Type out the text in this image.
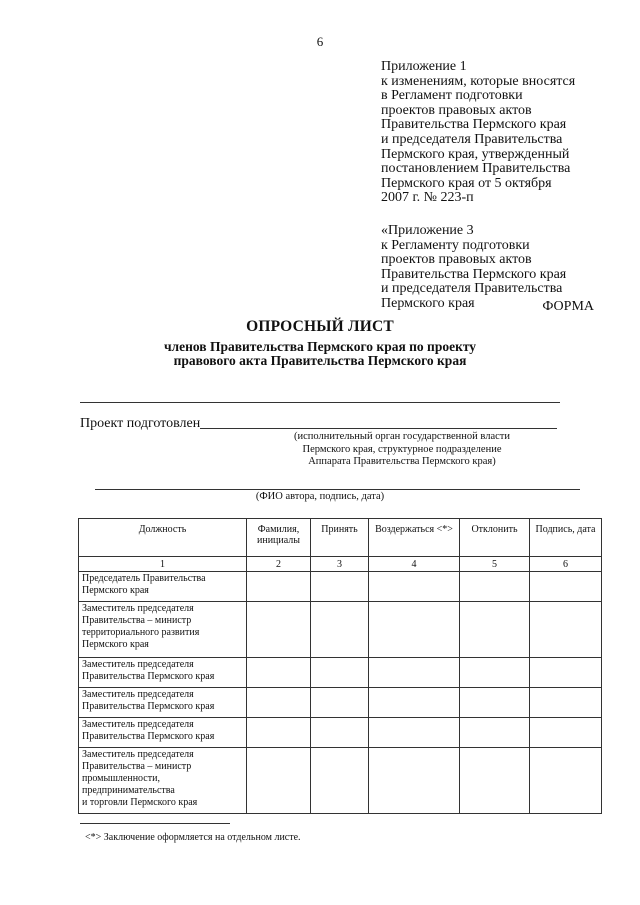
6
Приложение 1
к изменениям, которые вносятся
в Регламент подготовки
проектов правовых актов
Правительства Пермского края
и председателя Правительства
Пермского края, утвержденный
постановлением Правительства
Пермского края от 5 октября
2007 г. № 223-п
«Приложение 3
к Регламенту подготовки
проектов правовых актов
Правительства Пермского края
и председателя Правительства
Пермского края	ФОРМА
ОПРОСНЫЙ ЛИСТ
членов Правительства Пермского края по проекту
правового акта Правительства Пермского края
Проект подготовлен
(исполнительный орган государственной власти
Пермского края, структурное подразделение
Аппарата Правительства Пермского края)
(ФИО автора, подпись, дата)
Должность	Фамилия, инициалы	Принять	Воздержаться <*>	Отклонить	Подпись, дата
1	2	3	4	5	6

Председатель Правительства
Пермского края					

Заместитель председателя
Правительства – министр
территориального развития
Пермского края					

Заместитель председателя
Правительства Пермского края					

Заместитель председателя
Правительства Пермского края					

Заместитель председателя
Правительства Пермского края					

Заместитель председателя
Правительства – министр
промышленности,
предпринимательства
и торговли Пермского края					

<*> Заключение оформляется на отдельном листе.
